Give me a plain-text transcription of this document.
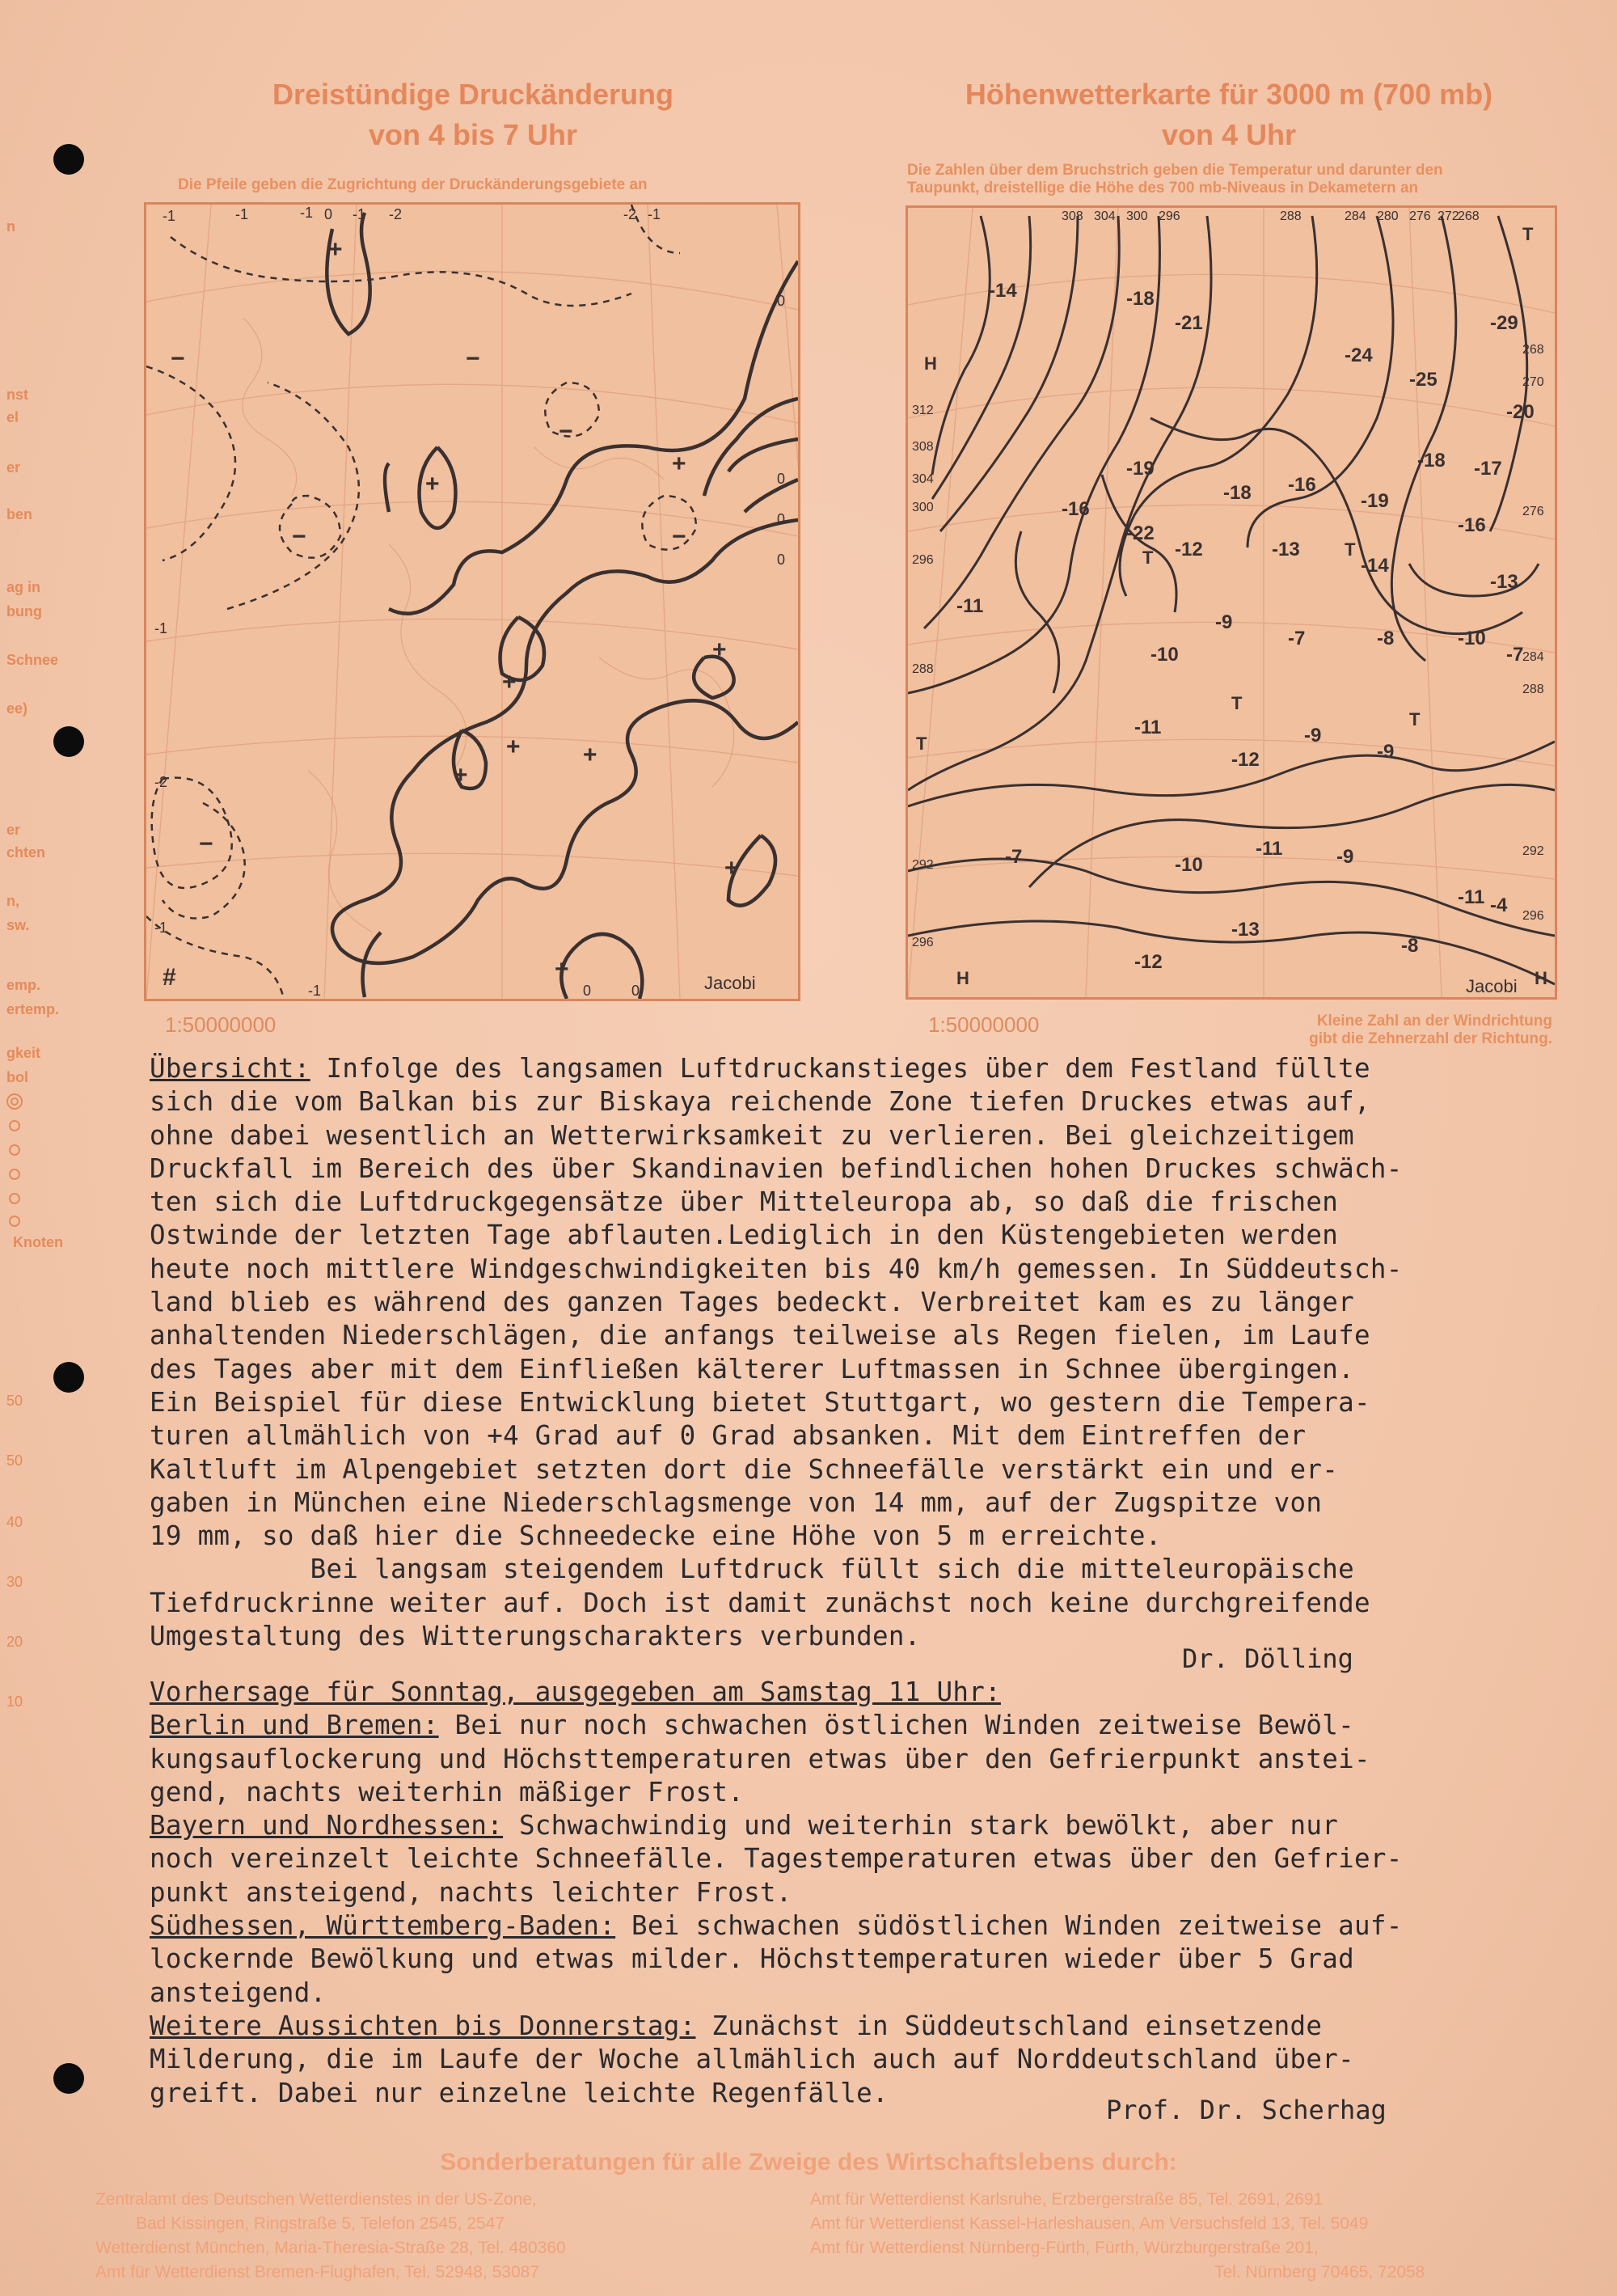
n
nst
el
er
ben
ag in
bung
Schnee
ee)
er
chten
n,
sw.
emp.
ertemp.
gkeit
bol
Knoten
50
50
40
30
20
10
Dreistündige Druckänderung
von 4 bis 7 Uhr
Die Pfeile geben die Zugrichtung der Druckänderungsgebiete an
+
+
+
+
+
+
+	+
+
+
−
−
−
−
−
−
#
-1	-1	-1 0 -1 -2	-2 -1
0
0
0
0
-1
-2
-1
-1	0	0	Jacobi
1:50000000
Höhenwetterkarte für 3000 m (700 mb)
von 4 Uhr
Die Zahlen über dem Bruchstrich geben die Temperatur und darunter den
Taupunkt, dreistellige die Höhe des 700 mb-Niveaus in Dekametern an
H
T
T
T
T
T
H	H
T
308 304 300 296	288	284 280 276 272
268
312
308
304
300
296
288
292
296
268
270
276
284
288
292
296
-14	-18
-21
-24
-25
-29
-20
-17
-18
-19
-16
-18
-19
-16
-11
-22
-12	-13
-14
-16
-13
-10
-9
-7	-8	-10
-7
-11
-12
-9
-9
-7	-10
-11	-9
-4
-12
-13
-8
-11
Jacobi
1:50000000	Kleine Zahl an der Windrichtung
gibt die Zehnerzahl der Richtung.
Übersicht: Infolge des langsamen Luftdruckanstieges über dem Festland füllte
sich die vom Balkan bis zur Biskaya reichende Zone tiefen Druckes etwas auf,
ohne dabei wesentlich an Wetterwirksamkeit zu verlieren. Bei gleichzeitigem
Druckfall im Bereich des über Skandinavien befindlichen hohen Druckes schwäch-
ten sich die Luftdruckgegensätze über Mitteleuropa ab, so daß die frischen
Ostwinde der letzten Tage abflauten.Lediglich in den Küstengebieten werden
heute noch mittlere Windgeschwindigkeiten bis 40 km/h gemessen. In Süddeutsch-
land blieb es während des ganzen Tages bedeckt. Verbreitet kam es zu länger
anhaltenden Niederschlägen, die anfangs teilweise als Regen fielen, im Laufe
des Tages aber mit dem Einfließen kälterer Luftmassen in Schnee übergingen.
Ein Beispiel für diese Entwicklung bietet Stuttgart, wo gestern die Tempera-
turen allmählich von +4 Grad auf 0 Grad absanken. Mit dem Eintreffen der
Kaltluft im Alpengebiet setzten dort die Schneefälle verstärkt ein und er-
gaben in München eine Niederschlagsmenge von 14 mm, auf der Zugspitze von
19 mm, so daß hier die Schneedecke eine Höhe von 5 m erreichte.
Bei langsam steigendem Luftdruck füllt sich die mitteleuropäische
Tiefdruckrinne weiter auf. Doch ist damit zunächst noch keine durchgreifende
Umgestaltung des Witterungscharakters verbunden.
Dr. Dölling
Vorhersage für Sonntag, ausgegeben am Samstag 11 Uhr:
Berlin und Bremen: Bei nur noch schwachen östlichen Winden zeitweise Bewöl-
kungsauflockerung und Höchsttemperaturen etwas über den Gefrierpunkt anstei-
gend, nachts weiterhin mäßiger Frost.
Bayern und Nordhessen: Schwachwindig und weiterhin stark bewölkt, aber nur
noch vereinzelt leichte Schneefälle. Tagestemperaturen etwas über den Gefrier-
punkt ansteigend, nachts leichter Frost.
Südhessen, Württemberg-Baden: Bei schwachen südöstlichen Winden zeitweise auf-
lockernde Bewölkung und etwas milder. Höchsttemperaturen wieder über 5 Grad
ansteigend.
Weitere Aussichten bis Donnerstag: Zunächst in Süddeutschland einsetzende
Milderung, die im Laufe der Woche allmählich auch auf Norddeutschland über-
greift. Dabei nur einzelne leichte Regenfälle.
Prof. Dr. Scherhag
Sonderberatungen für alle Zweige des Wirtschaftslebens durch:
Zentralamt des Deutschen Wetterdienstes in der US-Zone,
Bad Kissingen, Ringstraße 5, Telefon 2545, 2547
Wetterdienst München, Maria-Theresia-Straße 28, Tel. 480360
Amt für Wetterdienst Bremen-Flughafen, Tel. 52948, 53087
Amt für Wetterdienst Karlsruhe, Erzbergerstraße 85, Tel. 2691, 2691
Amt für Wetterdienst Kassel-Harleshausen, Am Versuchsfeld 13, Tel. 5049
Amt für Wetterdienst Nürnberg-Fürth, Fürth, Würzburgerstraße 201,
Tel. Nürnberg 70465, 72058
